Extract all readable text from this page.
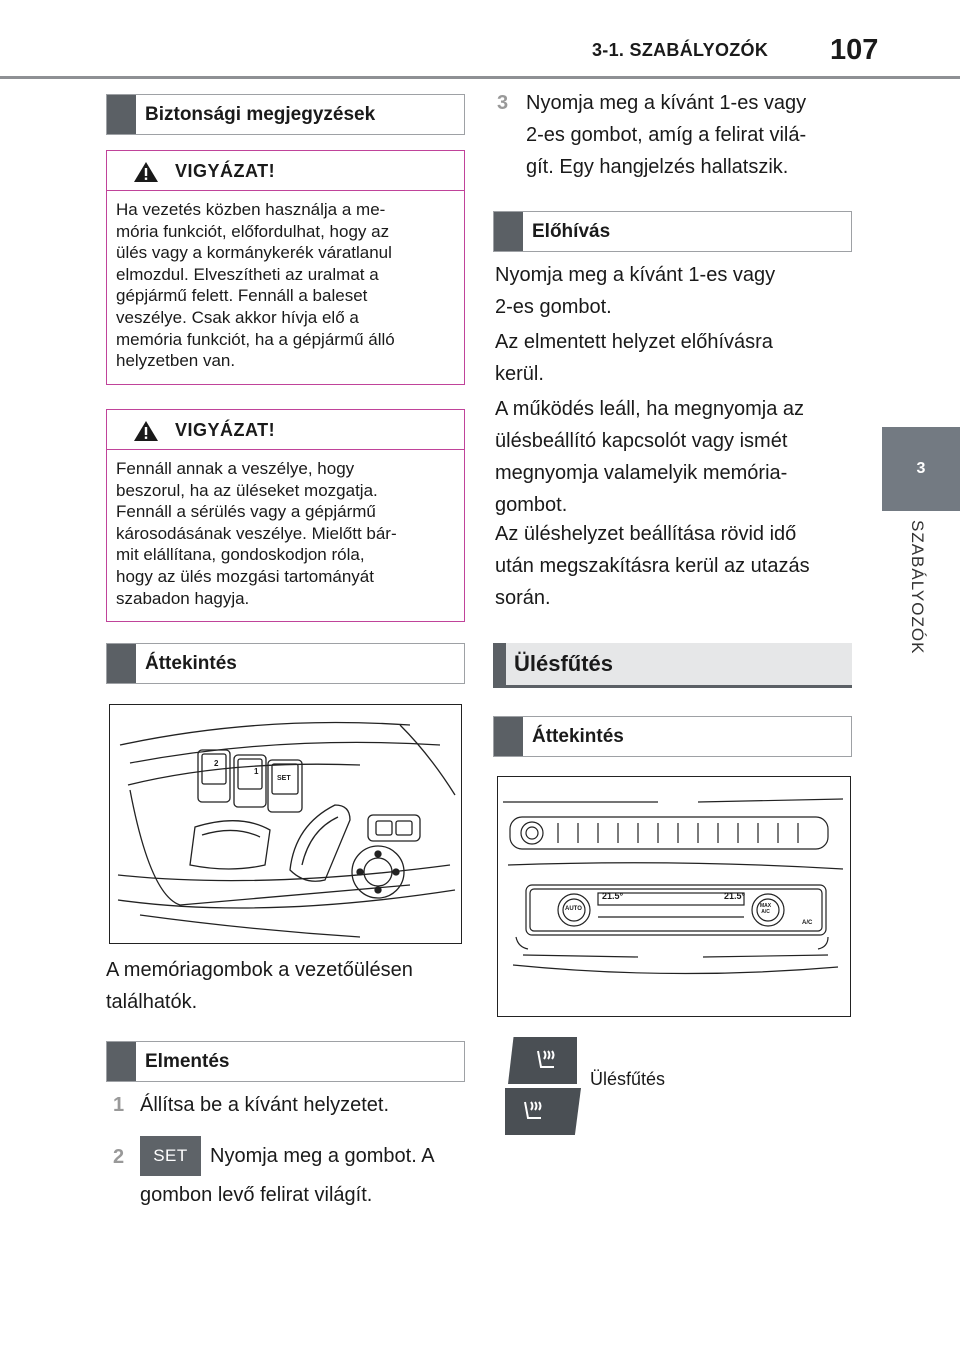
3-1. SZABÁLYOZÓK 107
3
SZABÁLYOZÓK
Biztonsági megjegyzések
VIGYÁZAT!
Ha vezetés közben használja a me-
mória funkciót, előfordulhat, hogy az
ülés vagy a kormánykerék váratlanul
elmozdul. Elveszítheti az uralmat a
gépjármű felett. Fennáll a baleset
veszélye. Csak akkor hívja elő a
memória funkciót, ha a gépjármű álló
helyzetben van.
VIGYÁZAT!
Fennáll annak a veszélye, hogy
beszorul, ha az üléseket mozgatja.
Fennáll a sérülés vagy a gépjármű
károsodásának veszélye. Mielőtt bár-
mit elállítana, gondoskodjon róla,
hogy az ülés mozgási tartományát
szabadon hagyja.
Áttekintés
2
1
SET
A memóriagombok a vezetőülésen
találhatók.
Elmentés
1 Állítsa be a kívánt helyzetet.
2 SET Nyomja meg a gombot. A
gombon levő felirat világít.
3 Nyomja meg a kívánt 1-es vagy
2-es gombot, amíg a felirat vilá-
gít. Egy hangjelzés hallatszik.
Előhívás
Nyomja meg a kívánt 1-es vagy
2-es gombot.
Az elmentett helyzet előhívásra
kerül.
A működés leáll, ha megnyomja az
ülésbeállító kapcsolót vagy ismét
megnyomja valamelyik memória-
gombot.
Az üléshelyzet beállítása rövid idő
után megszakításra kerül az utazás
során.
Ülésfűtés
Áttekintés
21.5°	21.5°
AUTO	MAX
A/C
A/C
Ülésfűtés
